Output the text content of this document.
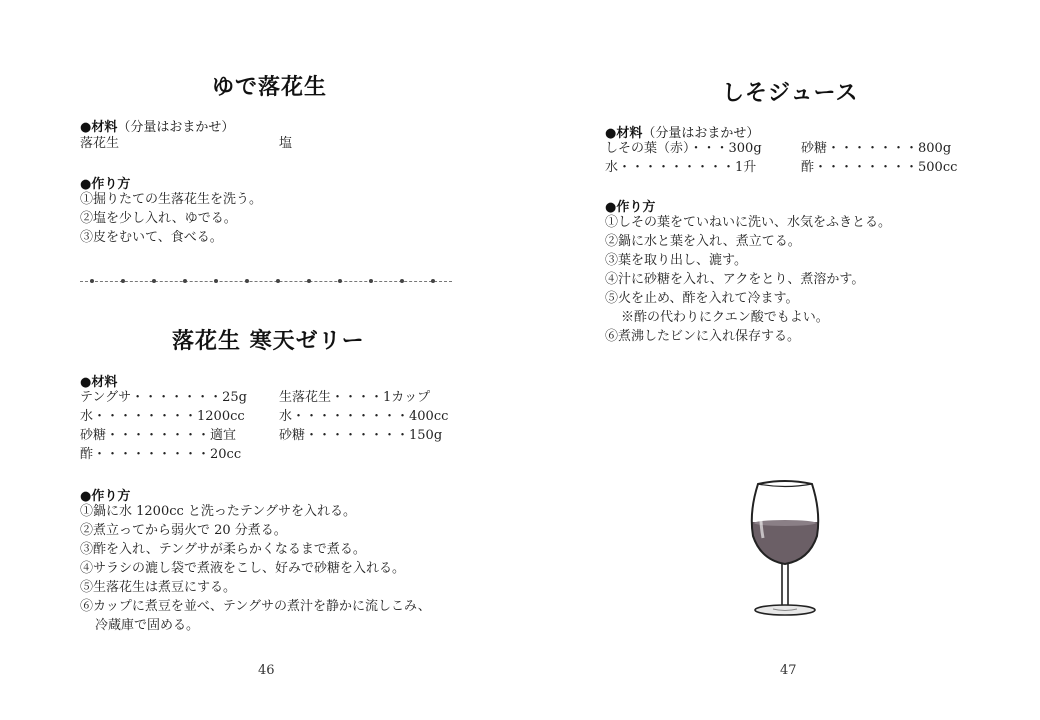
ゆで落花生
●材料（分量はおまかせ）
落花生	塩
●作り方
①掘りたての生落花生を洗う。
②塩を少し入れ、ゆでる。
③皮をむいて、食べる。
落花生 寒天ゼリー
●材料
テングサ・・・・・・・25g
水・・・・・・・・1200cc
砂糖・・・・・・・・適宜
酢・・・・・・・・・20cc
生落花生・・・・1カップ
水・・・・・・・・・400cc
砂糖・・・・・・・・150g
●作り方
①鍋に水 1200cc と洗ったテングサを入れる。
②煮立ってから弱火で 20 分煮る。
③酢を入れ、テングサが柔らかくなるまで煮る。
④サラシの漉し袋で煮液をこし、好みで砂糖を入れる。
⑤生落花生は煮豆にする。
⑥カップに煮豆を並べ、テングサの煮汁を静かに流しこみ、
冷蔵庫で固める。
46
しそジュース
●材料（分量はおまかせ）
しその葉（赤）・・・300g
水・・・・・・・・・1升
砂糖・・・・・・・800g
酢・・・・・・・・500cc
●作り方
①しその葉をていねいに洗い、水気をふきとる。
②鍋に水と葉を入れ、煮立てる。
③葉を取り出し、漉す。
④汁に砂糖を入れ、アクをとり、煮溶かす。
⑤火を止め、酢を入れて冷ます。
※酢の代わりにクエン酸でもよい。
⑥煮沸したビンに入れ保存する。
47
